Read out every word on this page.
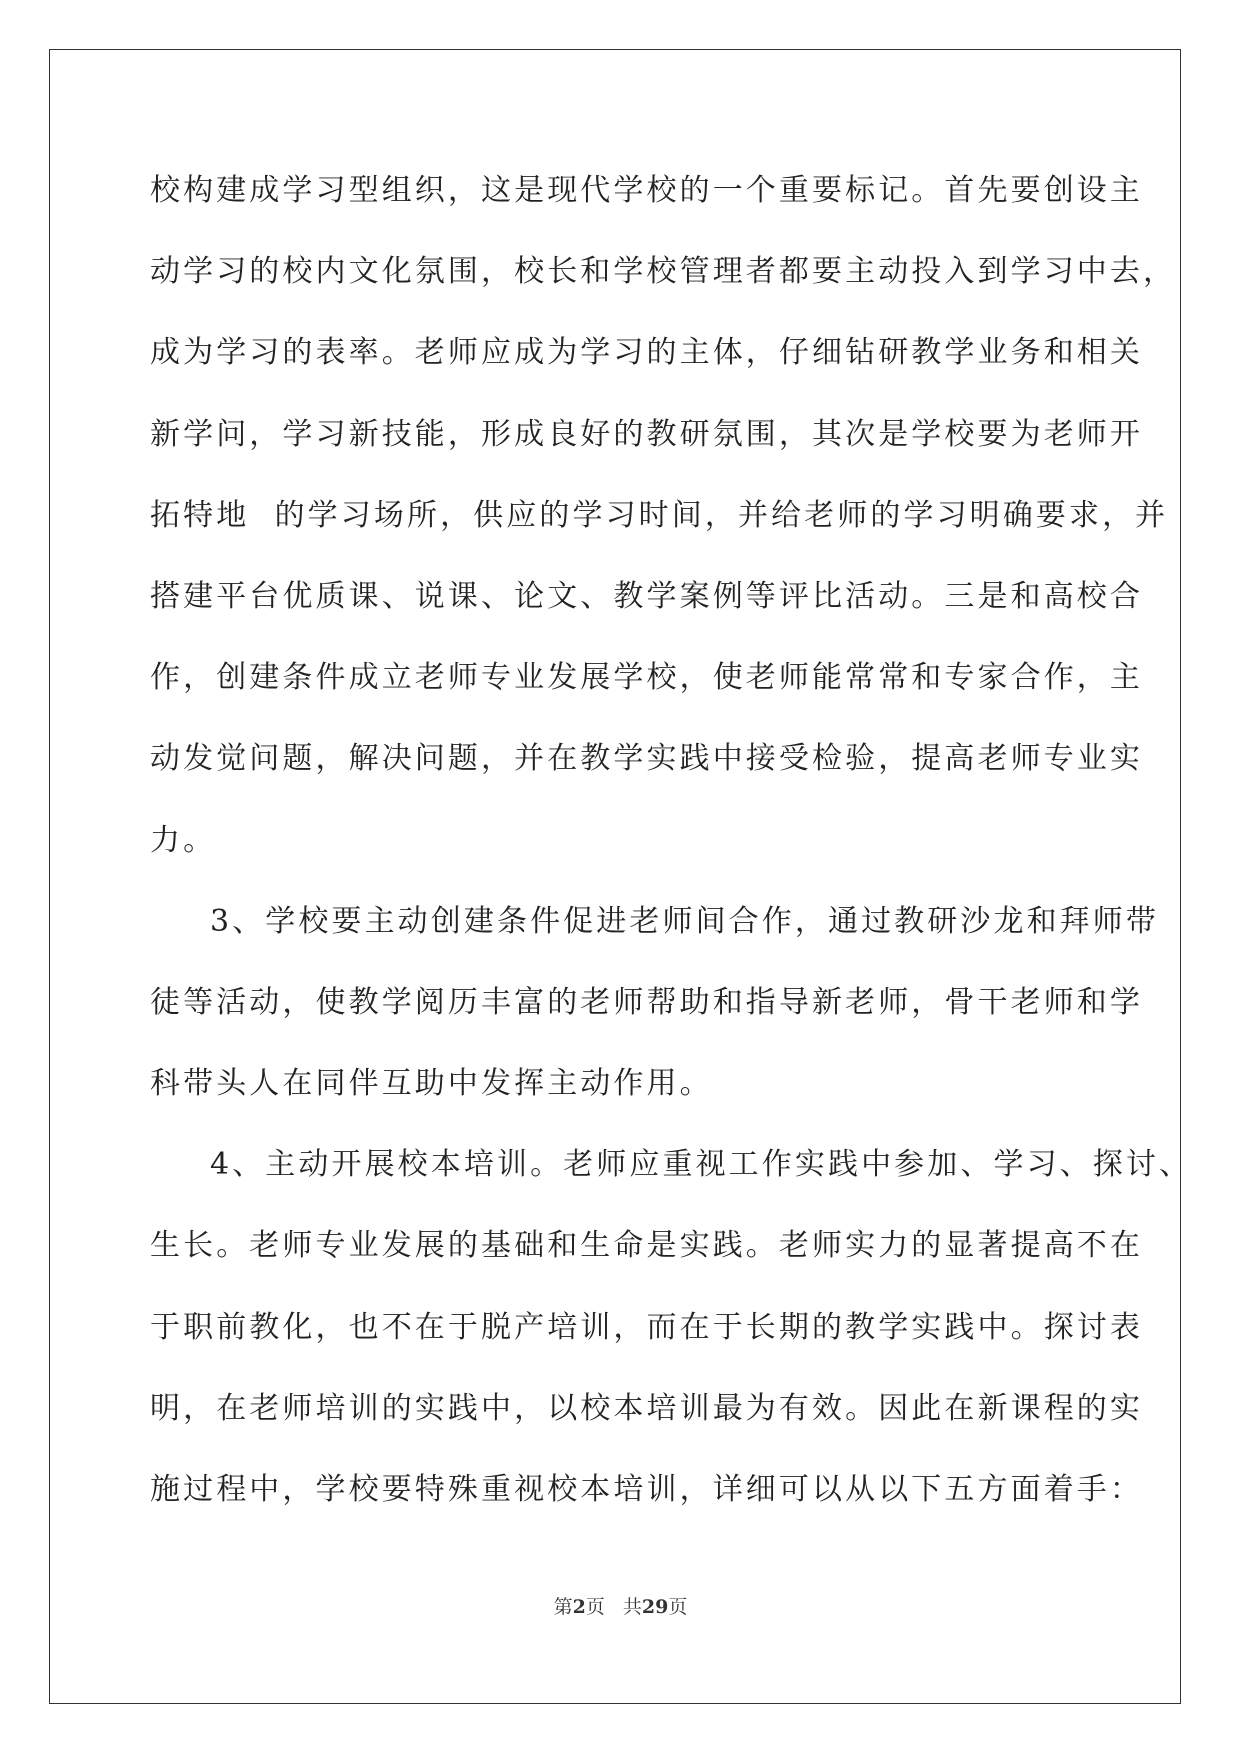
校构建成学习型组织，这是现代学校的一个重要标记。首先要创设主
动学习的校内文化氛围，校长和学校管理者都要主动投入到学习中去，
成为学习的表率。老师应成为学习的主体，仔细钻研教学业务和相关
新学问，学习新技能，形成良好的教研氛围，其次是学校要为老师开
拓特地  的学习场所，供应的学习时间，并给老师的学习明确要求，并
搭建平台优质课、说课、论文、教学案例等评比活动。三是和高校合
作，创建条件成立老师专业发展学校，使老师能常常和专家合作，主
动发觉问题，解决问题，并在教学实践中接受检验，提高老师专业实
力。
3、学校要主动创建条件促进老师间合作，通过教研沙龙和拜师带
徒等活动，使教学阅历丰富的老师帮助和指导新老师，骨干老师和学
科带头人在同伴互助中发挥主动作用。
4、主动开展校本培训。老师应重视工作实践中参加、学习、探讨、
生长。老师专业发展的基础和生命是实践。老师实力的显著提高不在
于职前教化，也不在于脱产培训，而在于长期的教学实践中。探讨表
明，在老师培训的实践中，以校本培训最为有效。因此在新课程的实
施过程中，学校要特殊重视校本培训，详细可以从以下五方面着手：
第2页 共29页
